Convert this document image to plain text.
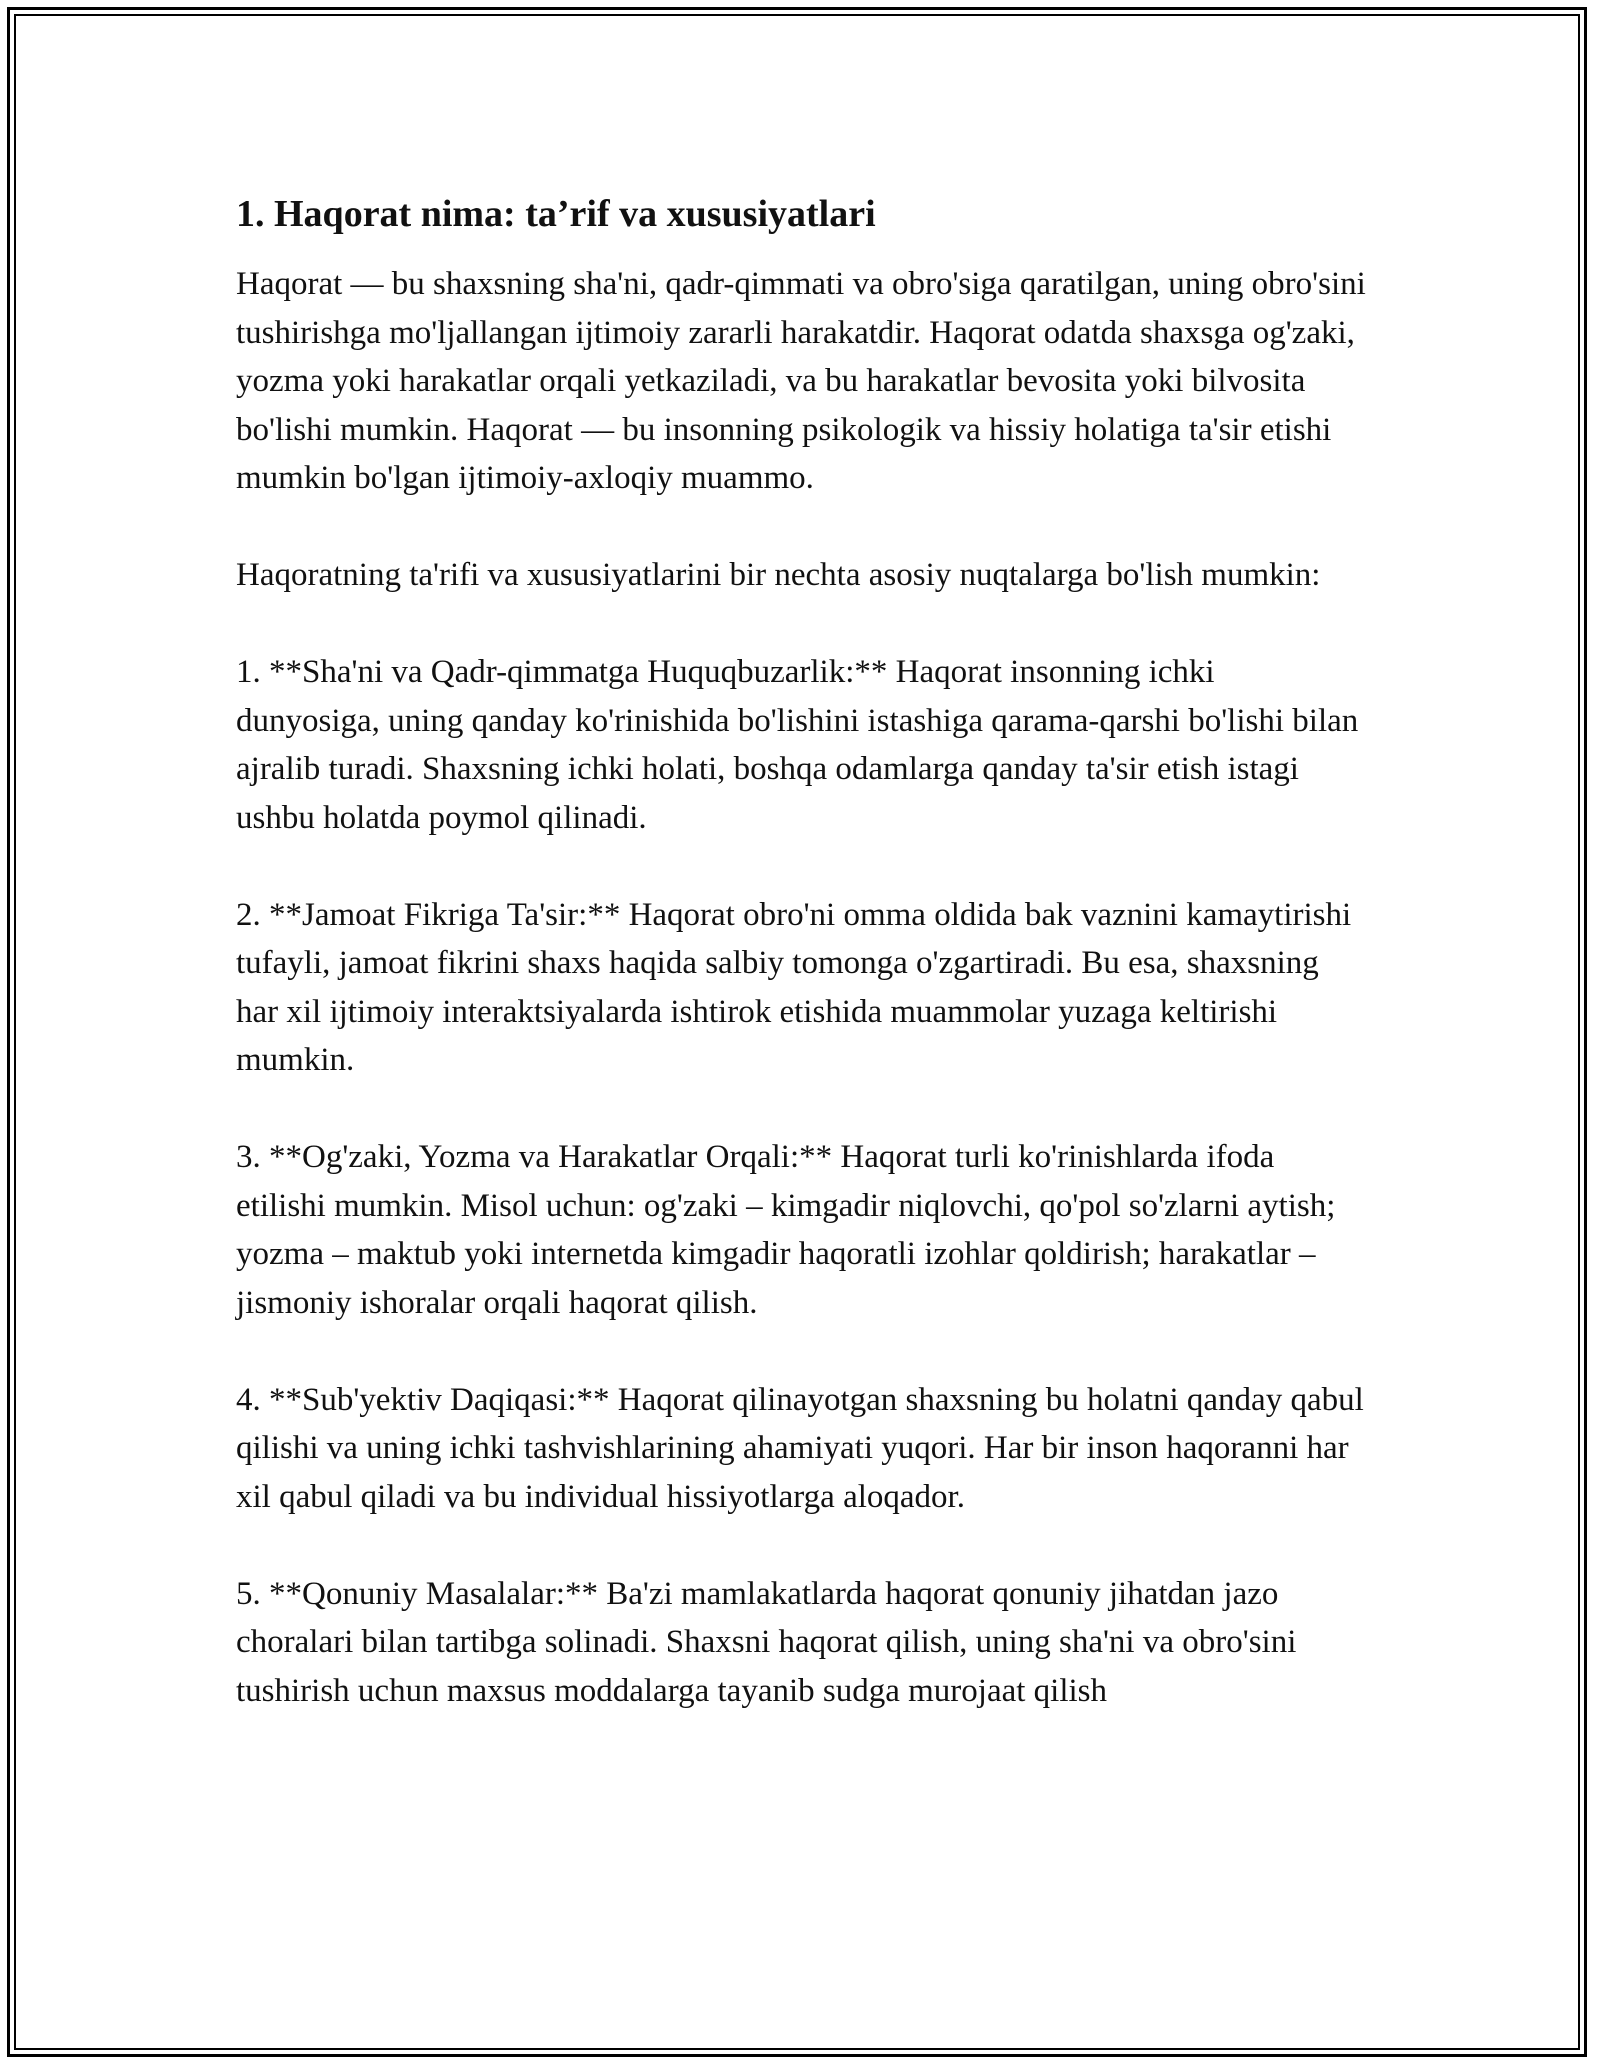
1. Haqorat nima: ta’rif va xususiyatlari

Haqorat — bu shaxsning sha'ni, qadr-qimmati va obro'siga qaratilgan, uning obro'sini tushirishga mo'ljallangan ijtimoiy zararli harakatdir. Haqorat odatda shaxsga og'zaki, yozma yoki harakatlar orqali yetkaziladi, va bu harakatlar bevosita yoki bilvosita bo'lishi mumkin. Haqorat — bu insonning psikologik va hissiy holatiga ta'sir etishi mumkin bo'lgan ijtimoiy-axloqiy muammo.

Haqoratning ta'rifi va xususiyatlarini bir nechta asosiy nuqtalarga bo'lish mumkin:

1. **Sha'ni va Qadr-qimmatga Huquqbuzarlik:** Haqorat insonning ichki dunyosiga, uning qanday ko'rinishida bo'lishini istashiga qarama-qarshi bo'lishi bilan ajralib turadi. Shaxsning ichki holati, boshqa odamlarga qanday ta'sir etish istagi ushbu holatda poymol qilinadi.

2. **Jamoat Fikriga Ta'sir:** Haqorat obro'ni omma oldida bak vaznini kamaytirishi tufayli, jamoat fikrini shaxs haqida salbiy tomonga o'zgartiradi. Bu esa, shaxsning har xil ijtimoiy interaktsiyalarda ishtirok etishida muammolar yuzaga keltirishi mumkin.

3. **Og'zaki, Yozma va Harakatlar Orqali:** Haqorat turli ko'rinishlarda ifoda etilishi mumkin. Misol uchun: og'zaki – kimgadir niqlovchi, qo'pol so'zlarni aytish; yozma – maktub yoki internetda kimgadir haqoratli izohlar qoldirish; harakatlar – jismoniy ishoralar orqali haqorat qilish.

4. **Sub'yektiv Daqiqasi:** Haqorat qilinayotgan shaxsning bu holatni qanday qabul qilishi va uning ichki tashvishlarining ahamiyati yuqori. Har bir inson haqoranni har xil qabul qiladi va bu individual hissiyotlarga aloqador.

5. **Qonuniy Masalalar:** Ba'zi mamlakatlarda haqorat qonuniy jihatdan jazo choralari bilan tartibga solinadi. Shaxsni haqorat qilish, uning sha'ni va obro'sini tushirish uchun maxsus moddalarga tayanib sudga murojaat qilish
